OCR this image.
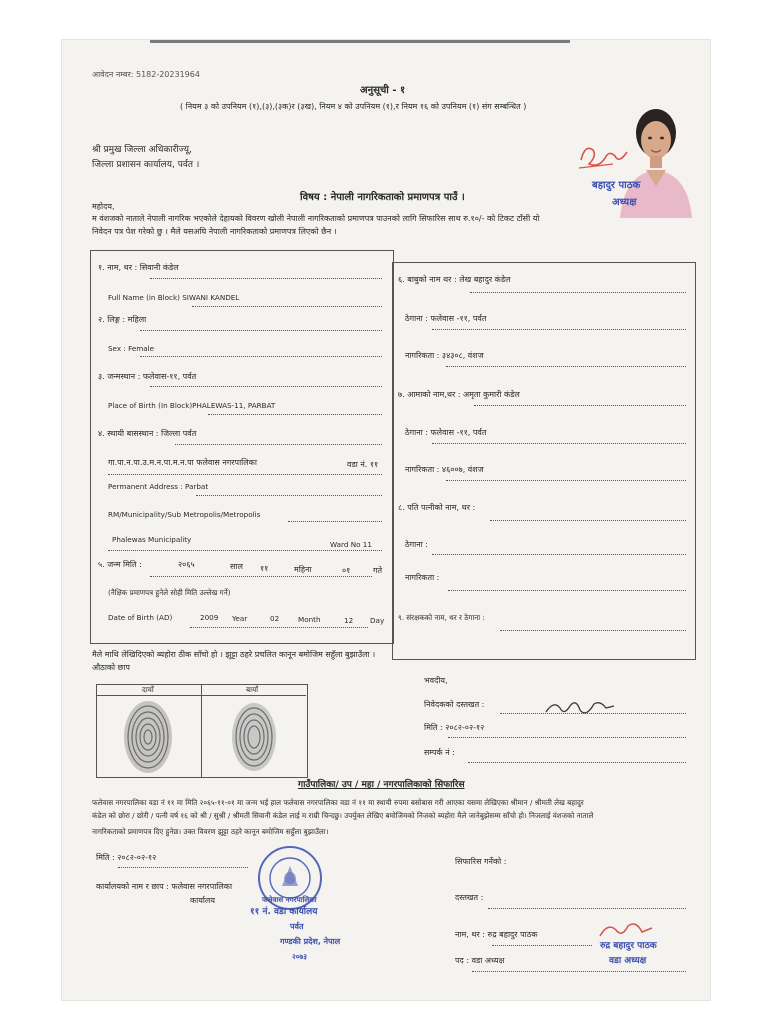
आवेदन नम्बर: 5182-20231964
अनुसूची - १
( नियम ३ को उपनियम (१),(३),(३क)र (३ख), नियम ४ को उपनियम (१),र नियम १६ को उपनियम (१) संग सम्बन्धित )
बहादुर पाठक
अध्यक्ष
श्री प्रमुख जिल्ला अधिकारीज्यू,
जिल्ला प्रशासन कार्यालय, पर्वत ।
विषय : नेपाली नागरिकताको प्रमाणपत्र पाउँ ।
महोदय,
म वंशजको नाताले नेपाली नागरिक भएकोले देहायको विवरण खोली नेपाली नागरिकताको प्रमाणपत्र पाउनको लागि सिफारिस साथ रु.१०/- को टिकट टाँसी यो
निवेदन पत्र पेश गरेको छु । मैले यसअघि नेपाली नागरिकताको प्रमाणपत्र लिएको छैन ।
१. नाम, थर : सिवानी कंडेल
Full Name (in Block) SIWANI KANDEL
२. लिङ्ग : महिला
Sex : Female
३. जन्मस्थान : फलेवास-११, पर्वत
Place of Birth (In Block)PHALEWAS-11, PARBAT
४. स्थायी बासस्थान : जिल्ला पर्वत
गा.पा.न.पा.उ.म.न.पा.म.न.पा फलेवास नगरपालिका	वडा नं. ११
Permanent Address : Parbat
RM/Municipality/Sub Metropolis/Metropolis
Phalewas Municipality
Ward No 11
५. जन्म मिति :	२०६५	साल ११	महिना	०१	गते
(नैक्षिक प्रमाणपत्र हुनेले सोही मिति उल्लेख गर्ने)
Date of Birth (AD)	2009 Year	02	Month	12 Day
६. बाबुको नाम थर : लेख बहादुर कंडेल
ठेगाना : फलेवास -११, पर्वत
नागरिकता : ३४३०८, वंशज
७. आमाको नाम,थर : अमृता कुमारी कंडेल
ठेगाना : फलेवास -११, पर्वत
नागरिकता : ४६००७, वंशज
८. पति पत्नीको नाम, थर :
ठेगाना :
नागरिकता :
९. संरक्षकको नाम, थर र ठेगाना :
मैले माथि लेखिदिएको ब्यहोरा ठीक साँचो हो । झुट्टा ठहरे प्रचलित कानून बमोजिम सहुँला बुझाउँला ।
औठाको छाप
दायाँ	बायाँ
भवदीय,
निवेदकको दस्तखत :
मिति : २०८२-०२-१२
सम्पर्क नं :
गाउँपालिका/ उप / महा / नगरपालिकाको सिफारिस
फलेवास नगरपालिका वडा नं ११ मा मिति २०६५-११-०१ मा जन्म भई हाल फलेवास नगरपालिका वडा नं ११ मा स्थायी रुपमा बसोबास गरी आएका यसमा लेखिएका श्रीमान / श्रीमती लेख बहादुर
कंडेल को छोरा / छोरी / पत्नी वर्ष १६ को श्री / सुश्री / श्रीमती सिवानी कंडेल लाई म राम्री चिन्दछु। उपर्युक्त लेखिए बमोजिमको निजको ब्यहोरा मैले जानेबुझेसम्म साँचो हो। निजलाई वंशजको नाताले
नागरिकताको प्रमाणपत्र दिए हुनेछ। उक्त विवरण झुट्टा ठहरे कानून बमोजिम सहुँला बुझाउँला।
मिति : २०८२-०२-१२
कार्यालयको नाम र छाप : फलेवास नगरपालिका
कार्यालय
सिफारिस गर्नेको :
दस्तखत :
नाम, थर : रुद्र बहादुर पाठक
पद : वडा अध्यक्ष
रुद्र बहादुर पाठक
वडा अध्यक्ष
फलेवास नगरपालिका
११ नं. वडा कार्यालय
पर्वत
गण्डकी प्रदेश, नेपाल
२०७३
